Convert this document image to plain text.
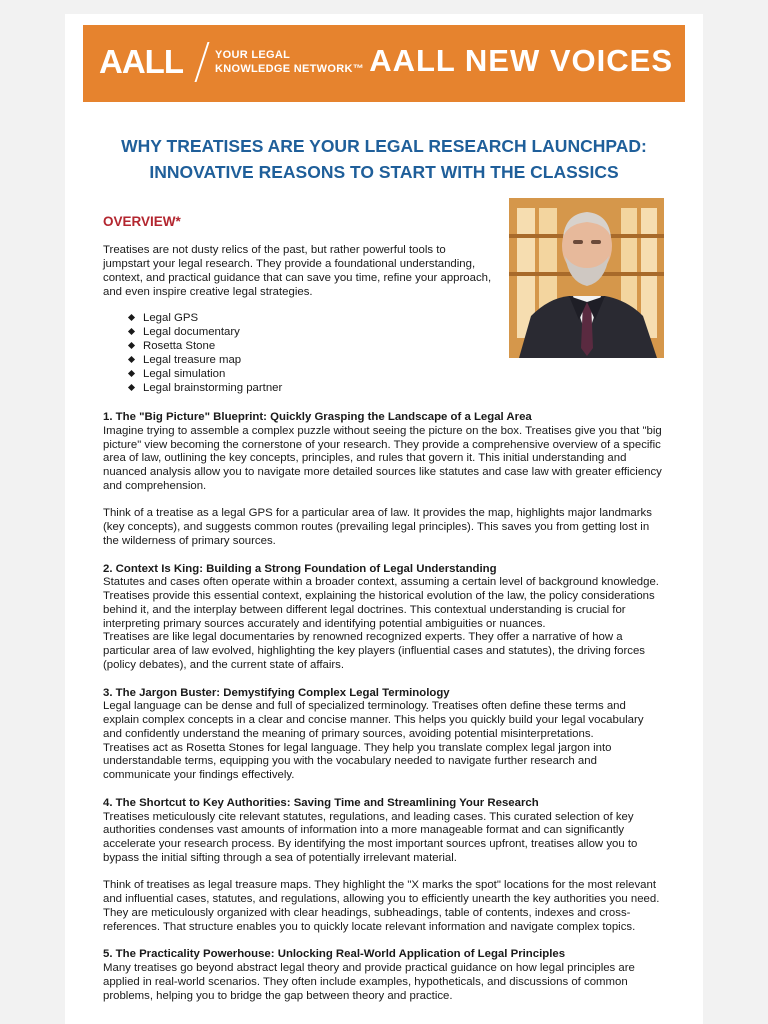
AALL	YOUR LEGAL
KNOWLEDGE NETWORK™ AALL NEW VOICES
WHY TREATISES ARE YOUR LEGAL RESEARCH LAUNCHPAD:
INNOVATIVE REASONS TO START WITH THE CLASSICS
OVERVIEW*

Treatises are not dusty relics of the past, but rather powerful tools to jumpstart your legal research. They provide a foundational understanding, context, and practical guidance that can save you time, refine your approach, and even inspire creative legal strategies.

Legal GPS
Legal documentary
Rosetta Stone
Legal treasure map
Legal simulation
Legal brainstorming partner
1. The "Big Picture" Blueprint: Quickly Grasping the Landscape of a Legal Area

Imagine trying to assemble a complex puzzle without seeing the picture on the box. Treatises give you that "big picture" view becoming the cornerstone of your research. They provide a comprehensive overview of a specific area of law, outlining the key concepts, principles, and rules that govern it. This initial understanding and nuanced analysis allow you to navigate more detailed sources like statutes and case law with greater efficiency and comprehension.

Think of a treatise as a legal GPS for a particular area of law. It provides the map, highlights major landmarks (key concepts), and suggests common routes (prevailing legal principles). This saves you from getting lost in the wilderness of primary sources.

2. Context Is King: Building a Strong Foundation of Legal Understanding

Statutes and cases often operate within a broader context, assuming a certain level of background knowledge. Treatises provide this essential context, explaining the historical evolution of the law, the policy considerations behind it, and the interplay between different legal doctrines. This contextual understanding is crucial for interpreting primary sources accurately and identifying potential ambiguities or nuances.

Treatises are like legal documentaries by renowned recognized experts. They offer a narrative of how a particular area of law evolved, highlighting the key players (influential cases and statutes), the driving forces (policy debates), and the current state of affairs.

3. The Jargon Buster: Demystifying Complex Legal Terminology

Legal language can be dense and full of specialized terminology. Treatises often define these terms and explain complex concepts in a clear and concise manner. This helps you quickly build your legal vocabulary and confidently understand the meaning of primary sources, avoiding potential misinterpretations.

Treatises act as Rosetta Stones for legal language. They help you translate complex legal jargon into understandable terms, equipping you with the vocabulary needed to navigate further research and communicate your findings effectively.

4. The Shortcut to Key Authorities: Saving Time and Streamlining Your Research

Treatises meticulously cite relevant statutes, regulations, and leading cases. This curated selection of key authorities condenses vast amounts of information into a more manageable format and can significantly accelerate your research process. By identifying the most important sources upfront, treatises allow you to bypass the initial sifting through a sea of potentially irrelevant material.

Think of treatises as legal treasure maps. They highlight the "X marks the spot" locations for the most relevant and influential cases, statutes, and regulations, allowing you to efficiently unearth the key authorities you need. They are meticulously organized with clear headings, subheadings, table of contents, indexes and cross-references. That structure enables you to quickly locate relevant information and navigate complex topics.

5. The Practicality Powerhouse: Unlocking Real-World Application of Legal Principles

Many treatises go beyond abstract legal theory and provide practical guidance on how legal principles are applied in real-world scenarios. They often include examples, hypotheticals, and discussions of common problems, helping you to bridge the gap between theory and practice.
